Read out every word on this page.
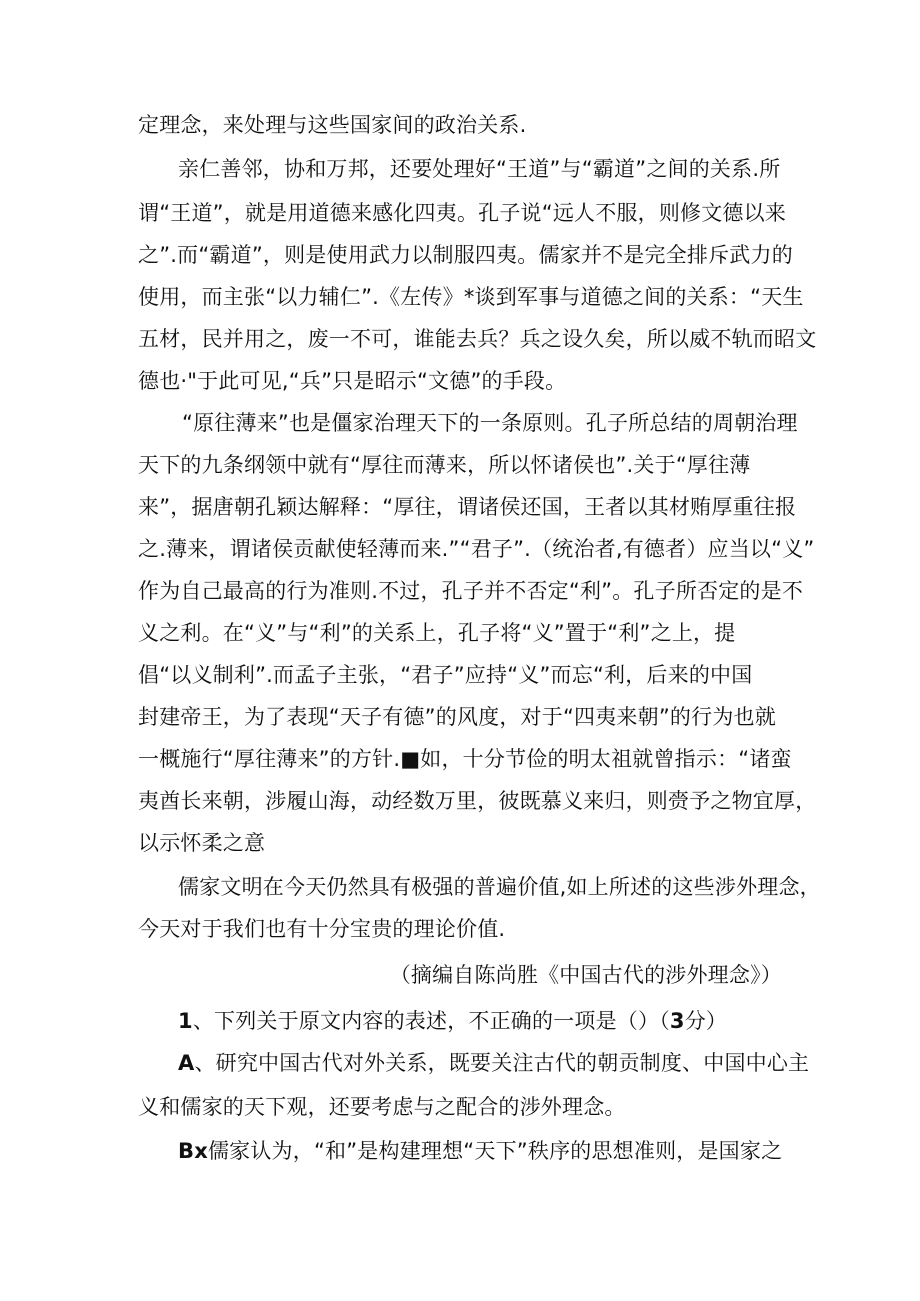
定理念，来处理与这些国家间的政治关系.
亲仁善邻，协和万邦，还要处理好“王道”与“霸道”之间的关系.所
谓“王道”，就是用道德来感化四夷。孔子说“远人不服，则修文德以来
之”.而“霸道”，则是使用武力以制服四夷。儒家并不是完全排斥武力的
使用，而主张“以力辅仁”.《左传》*谈到军事与道德之间的关系：“天生
五材，民并用之，废一不可，谁能去兵？兵之设久矣，所以威不轨而昭文
德也·"于此可见,“兵”只是昭示“文德”的手段。
“原往薄来”也是僵家治理天下的一条原则。孔子所总结的周朝治理
天下的九条纲领中就有“厚往而薄来，所以怀诸侯也”.关于“厚往薄
来”，据唐朝孔颖达解释：“厚往，谓诸侯还国，王者以其材贿厚重往报
之.薄来，谓诸侯贡献使轻薄而来.”“君子”.（统治者,有德者）应当以“义”
作为自己最高的行为准则.不过，孔子并不否定“利”。孔子所否定的是不
义之利。在“义”与“利”的关系上，孔子将“义”置于“利”之上，提
倡“以义制利”.而孟子主张，“君子”应持“义”而忘“利，后来的中国
封建帝王，为了表现“天子有德”的风度，对于“四夷来朝”的行为也就
一概施行“厚往薄来”的方针.■如，十分节俭的明太祖就曾指示：“诸蛮
夷酋长来朝，涉履山海，动经数万里，彼既慕义来归，则赍予之物宜厚，
以示怀柔之意
儒家文明在今天仍然具有极强的普遍价值,如上所述的这些涉外理念，
今天对于我们也有十分宝贵的理论价值.
（摘编自陈尚胜《中国古代的涉外理念》）
1、下列关于原文内容的表述，不正确的一项是（）（3分）
A、研究中国古代对外关系，既要关注古代的朝贡制度、中国中心主
义和儒家的天下观，还要考虑与之配合的涉外理念。
Bx儒家认为，“和”是构建理想“天下”秩序的思想准则，是国家之
